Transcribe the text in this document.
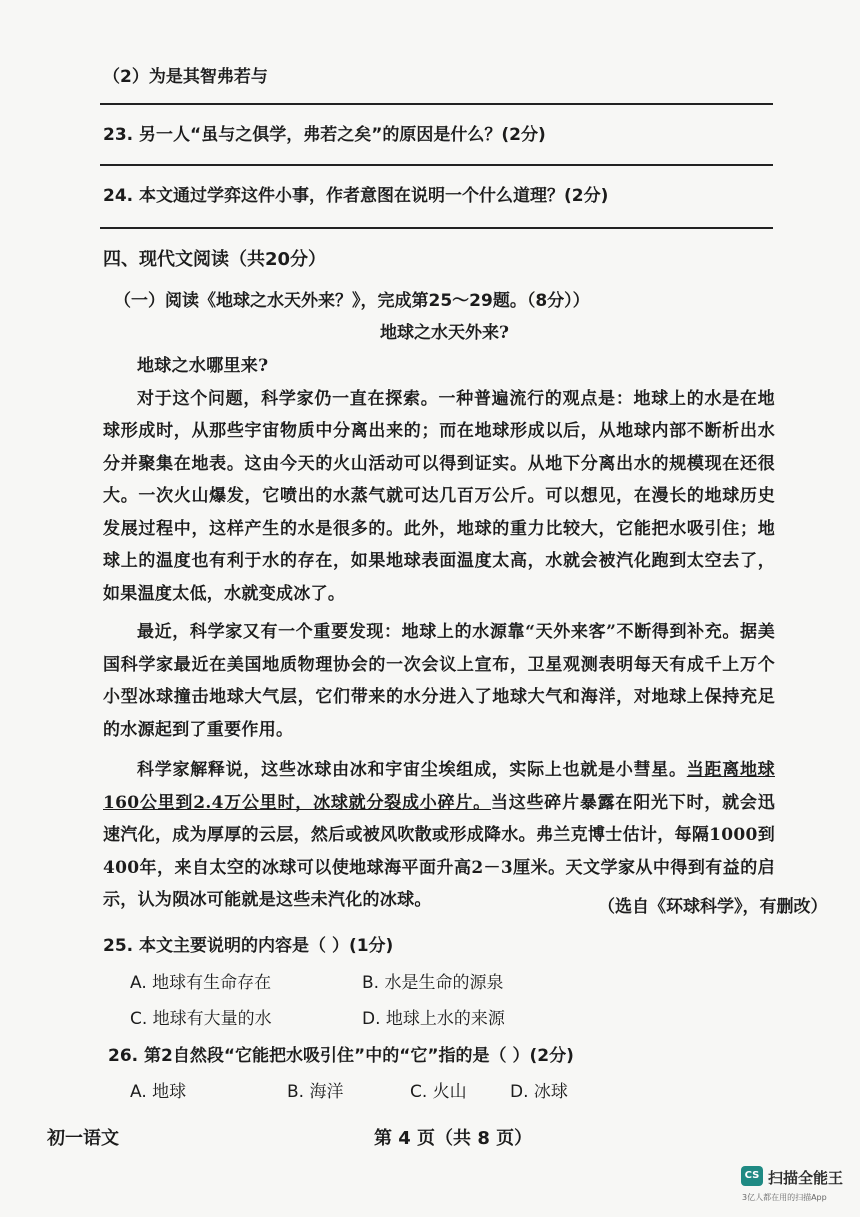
（2）为是其智弗若与
23. 另一人“虽与之俱学，弗若之矣”的原因是什么？(2分)
24. 本文通过学弈这件小事，作者意图在说明一个什么道理？(2分)
四、现代文阅读（共20分）
（一）阅读《地球之水天外来？》，完成第25～29题。（8分））
地球之水天外来?

地球之水哪里来?

对于这个问题，科学家仍一直在探索。一种普遍流行的观点是：地球上的水是在地球形成时，从那些宇宙物质中分离出来的；而在地球形成以后，从地球内部不断析出水分并聚集在地表。这由今天的火山活动可以得到证实。从地下分离出水的规模现在还很大。一次火山爆发，它喷出的水蒸气就可达几百万公斤。可以想见，在漫长的地球历史发展过程中，这样产生的水是很多的。此外，地球的重力比较大，它能把水吸引住；地球上的温度也有利于水的存在，如果地球表面温度太高，水就会被汽化跑到太空去了，如果温度太低，水就变成冰了。

最近，科学家又有一个重要发现：地球上的水源靠“天外来客”不断得到补充。据美国科学家最近在美国地质物理协会的一次会议上宣布，卫星观测表明每天有成千上万个小型冰球撞击地球大气层，它们带来的水分进入了地球大气和海洋，对地球上保持充足的水源起到了重要作用。

科学家解释说，这些冰球由冰和宇宙尘埃组成，实际上也就是小彗星。当距离地球160公里到2.4万公里时，冰球就分裂成小碎片。当这些碎片暴露在阳光下时，就会迅速汽化，成为厚厚的云层，然后或被风吹散或形成降水。弗兰克博士估计，每隔1000到400年，来自太空的冰球可以使地球海平面升高2－3厘米。天文学家从中得到有益的启示，认为陨冰可能就是这些未汽化的冰球。	（选自《环球科学》，有删改）
25. 本文主要说明的内容是（ ）(1分)
A. 地球有生命存在	B. 水是生命的源泉
C. 地球有大量的水	D. 地球上水的来源
26. 第2自然段“它能把水吸引住”中的“它”指的是（ ）(2分)
A. 地球	B. 海洋	C. 火山	D. 冰球
初一语文	第 4 页（共 8 页）
CS 扫描全能王
3亿人都在用的扫描App
